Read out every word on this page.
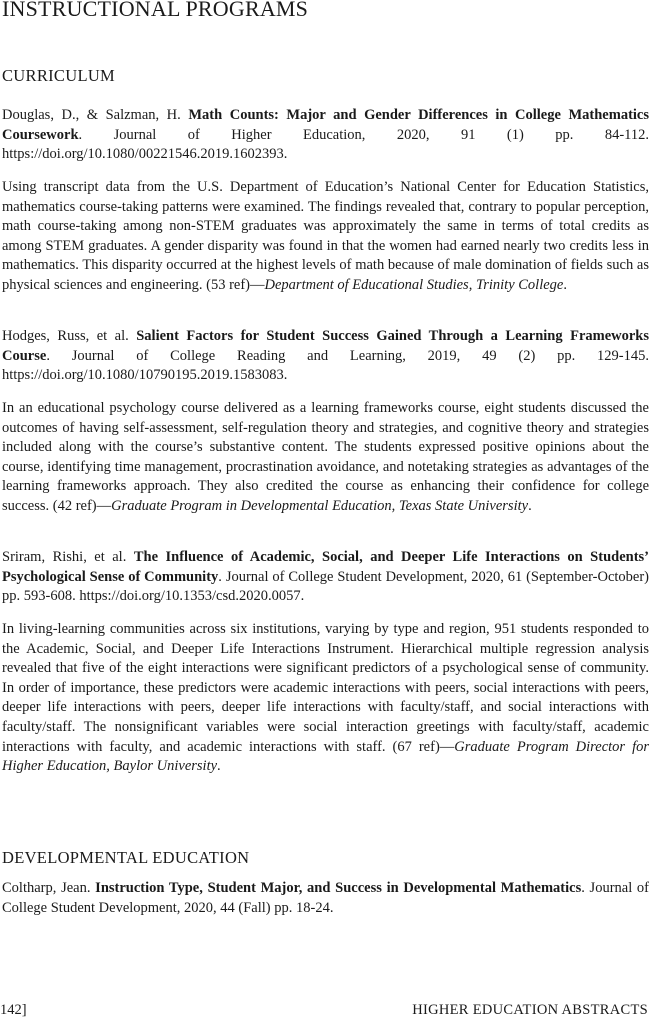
INSTRUCTIONAL PROGRAMS
CURRICULUM

Douglas, D., & Salzman, H. Math Counts: Major and Gender Differences in College Mathematics Coursework. Journal of Higher Education, 2020, 91 (1) pp. 84-112. https://doi.org/10.1080/00221546.2019.1602393.

Using transcript data from the U.S. Department of Education’s National Center for Education Statistics, mathematics course-taking patterns were examined. The findings revealed that, contrary to popular perception, math course-taking among non-STEM graduates was approximately the same in terms of total credits as among STEM graduates. A gender disparity was found in that the women had earned nearly two credits less in mathematics. This disparity occurred at the highest levels of math because of male domination of fields such as physical sciences and engineering. (53 ref)—Department of Educational Studies, Trinity College.

Hodges, Russ, et al. Salient Factors for Student Success Gained Through a Learning Frameworks Course. Journal of College Reading and Learning, 2019, 49 (2) pp. 129-145. https://doi.org/10.1080/10790195.2019.1583083.

In an educational psychology course delivered as a learning frameworks course, eight students discussed the outcomes of having self-assessment, self-regulation theory and strategies, and cognitive theory and strategies included along with the course’s substantive content. The students expressed positive opinions about the course, identifying time management, procrastination avoidance, and notetaking strategies as advantages of the learning frameworks approach. They also credited the course as enhancing their confidence for college success. (42 ref)—Graduate Program in Developmental Education, Texas State University.

Sriram, Rishi, et al. The Influence of Academic, Social, and Deeper Life Interactions on Students’ Psychological Sense of Community. Journal of College Student Development, 2020, 61 (September-October) pp. 593-608. https://doi.org/10.1353/csd.2020.0057.

In living-learning communities across six institutions, varying by type and region, 951 students responded to the Academic, Social, and Deeper Life Interactions Instrument. Hierarchical multiple regression analysis revealed that five of the eight interactions were significant predictors of a psychological sense of community. In order of importance, these predictors were academic interactions with peers, social interactions with peers, deeper life interactions with peers, deeper life interactions with faculty/staff, and social interactions with faculty/staff. The nonsignificant variables were social interaction greetings with faculty/staff, academic interactions with faculty, and academic interactions with staff. (67 ref)—Graduate Program Director for Higher Education, Baylor University.

DEVELOPMENTAL EDUCATION

Coltharp, Jean. Instruction Type, Student Major, and Success in Developmental Mathematics. Journal of College Student Development, 2020, 44 (Fall) pp. 18-24.

142]	HIGHER EDUCATION ABSTRACTS
